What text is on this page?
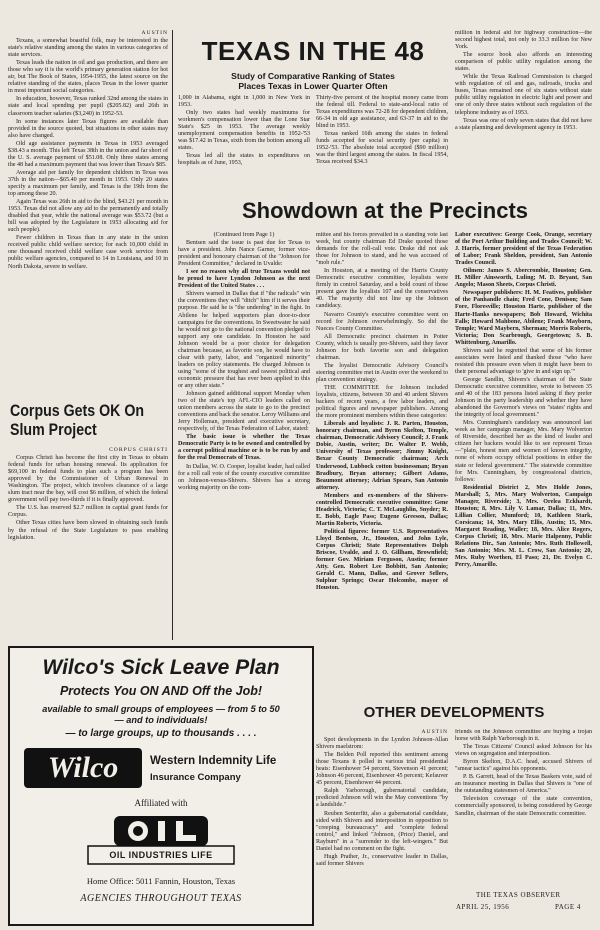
AUSTIN

Texans, a somewhat boastful folk, may be interested in the state's relative standing among the states in various categories of state services.

Texas leads the nation in oil and gas production, and there are those who say it is the world's primary generation station for hot air, but The Book of States, 1954-1955, the latest source on the relative standing of the states, places Texas in the lower quarter in most important social categories.

In education, however, Texas ranked 32nd among the states in state and local spending per pupil ($205.82) and 26th in classroom teacher salaries ($3,240) in 1952-53.

In some instances later Texas figures are available than provided in the source quoted, but situations in other states may also have changed.

Old age assistance payments in Texas in 1953 averaged $38.43 a month. This left Texas 38th in the union and far short of the U. S. average payment of $51.08. Only three states among the 48 had a maximum payment that was lower than Texas's $85.

Average aid per family for dependent children in Texas was 37th in the nation—$65.40 per month in 1953. Only 20 states specify a maximum per family, and Texas is the 19th from the top among these 20.

Again Texas was 26th in aid to the blind, $43.21 per month in 1953. Texas did not allow any aid to the permanently and totally disabled that year, while the national average was $53.72 (but a bill was adopted by the Legislature in 1953 allocating aid for such people).

Fewer children in Texas than in any state in the union received public child welfare service; for each 10,000 child in one thousand received child welfare case work service from public welfare agencies, compared to 14 in Louisiana, and 10 in North Dakota, severe in welfare.

Corpus Gets OK On Slum Project
CORPUS CHRISTI

Corpus Christi has become the first city in Texas to obtain federal funds for urban housing renewal. Its application for $69,100 in federal funds to plan such a program has been approved by the Commissioner of Urban Renewal in Washington. The project, which involves clearance of a large slum tract near the bay, will cost $6 million, of which the federal government will pay two-thirds if it is finally approved.

The U.S. has reserved $2.7 million in capital grant funds for Corpus.

Other Texas cities have been slowed in obtaining such funds by the refusal of the State Legislature to pass enabling legislation.

TEXAS IN THE 48
Study of Comparative Ranking of States
Places Texas in Lower Quarter Often

1,000 in Alabama, eight in 1,000 in New York in 1953.

Only two states had weekly maximums for workmen's compensation lower than the Lone Star State's $25 in 1953. The average weekly unemployment compensation benefits in 1952-'53 was $17.42 in Texas, sixth from the bottom among all states.

Texas led all the states in expenditures on hospitals as of June, 1953,

Thirty-five percent of the hospital money came from the federal till. Federal to state-and-local ratio of Texas expenditures was 72-28 for dependent children, 66-34 in old age assistance, and 63-37 in aid to the blind in 1953.

Texas ranked 16th among the states in federal funds accepted for social security (per capita) in 1952-'53. The absolute total accepted ($90 million) was the third largest among the states. In fiscal 1954, Texas received $34.3

million in federal aid for highway construction—the second highest total, not only to 33.3 million for New York.

The source book also affords an interesting comparison of public utility regulation among the states.

While the Texas Railroad Commission is charged with regulation of oil and gas, railroads, trucks and buses, Texas remained one of six states without state public utility regulation in electric light and power and one of only three states without such regulation of the telephone industry as of 1953.

Texas was one of only seven states that did not have a state planning and development agency in 1953.

Showdown at the Precincts

(Continued from Page 1)

Bentsen said the issue is past due for Texas to have a president. John Nance Garner, former vice-president and honorary chairman of the "Johnson for President Committee," declared in Uvalde:

I see no reason why all true Texans would not be proud to have Lyndon Johnson as the next President of the United States . . .

Shivers warned in Dallas that if "the radicals" win the conventions they will "ditch" him if it serves their purpose. He said he is "the underdog" in the fight. In Abilene he helped supporters plan door-to-door campaigns for the conventions. In Sweetwater he said he would not go to the national convention pledged to support any one candidate. In Houston he said Johnson would be a poor choice for delegation chairman because, as favorite son, he would have to clear with party, labor, and "organized minority" leaders on policy statements. He charged Johnson is using "some of the toughest and rawest political and economic pressure that has ever been applied in this or any other state."

Johnson gained additional support Monday when two of the state's top AFL-CIO leaders called on union members across the state to go to the precinct conventions and back the senator. Leroy Williams and Jerry Holleman, president and executive secretary, respectively, of the Texas Federation of Labor, stated:

The basic issue is whether the Texas Democratic Party is to be owned and controlled by a corrupt political machine or is to be run by and for the real Democrats of Texas.

In Dallas, W. O. Cooper, loyalist leader, had called for a roll call vote of the county executive committee on Johnson-versus-Shivers. Shivers has a strong working majority on the com-

mittee and his forces prevailed in a standing vote last week, but county chairman Ed Drake quoted those demands for the roll-call vote. Drake did not ask those for Johnson to stand, and he was accused of "mob rule."

In Houston, at a meeting of the Harris County Democratic executive committee, loyalists were firmly in control Saturday, and a bold count of those present gave the loyalists 107 and the conservatives 40. The majority did not line up the Johnson candidacy.

Navarro County's executive committee went on record for Johnson overwhelmingly. So did the Nueces County Committee.

All Democratic precinct chairmen in Potter County, which is usually pro-Shivers, said they favor Johnson for both favorite son and delegation chairman.

The loyalist Democratic Advisory Council's steering committee met in Austin over the weekend to plan convention strategy.

THE COMMITTEE for Johnson included loyalists, citizens, between 30 and 40 ardent Shivers backers of recent years, a few labor leaders, and political figures and newspaper publishers. Among the more prominent members within these categories:

Liberals and loyalists: J. R. Parten, Houston, honorary chairman, and Byron Skelton, Temple, chairman, Democratic Advisory Council; J. Frank Dobie, Austin, writer; Dr. Walter P. Webb, University of Texas professor; Jimmy Knight, Bexar County Democratic chairman; Arch Underwood, Lubbock cotton businessman; Bryan Bradbury, Bryan attorney; Gilbert Adams, Beaumont attorney; Adrian Spears, San Antonio attorney.

Members and ex-members of the Shivers-controlled Democratic executive committee: Gene Headrick, Victoria; C. T. McLaughlin, Snyder; R. E. Bobb, Eagle Pass; Eugene Greeson, Dallas; Martin Roberts, Victoria.

Political figures: former U.S. Representatives Lloyd Bentsen, Jr., Houston, and John Lyle, Corpus Christi; State Representatives Dolph Briscoe, Uvalde, and J. O. Gillham, Brownfield; former Gov. Miriam Ferguson, Austin; former Atty. Gen. Robert Lee Bobbitt, San Antonio; Gerald C. Mann, Dallas, and Grover Sellers, Sulphur Springs; Oscar Holcombe, mayor of Houston.

Labor executives: George Cook, Orange, secretary of the Port Arthur Building and Trades Council; W. J. Harris, former president of the Texas Federation of Labor; Frank Sheldon, president, San Antonio Trades Council.

Oilmen: James S. Abercrombie, Houston; Gen. H. Miller Ainsworth, Luling; M. D. Bryant, San Angelo; Mason Sheets, Corpus Christi.

Newspaper publishers: H. M. Featives, publisher of the Panhandle chain; Fred Cone, Denison; Sam Fore, Floresville; Houston Harte, publisher of the Harte-Hanks newspapers; Bob Howard, Wichita Falls; Howard Mahbone, Abilene; Frank Mayborn, Temple; Ward Maybern, Sherman; Morris Roberts, Victoria; Don Scarbrough, Georgetown; S. B. Whittenburg, Amarillo.

Shivers said he regretted that some of his former associates were listed and thanked those "who have resisted this pressure even when it might have been to their personal advantage to 'give in and sign up.'"

George Sandlin, Shivers's chairman of the State Democratic executive committee, wrote to between 35 and 40 of the 183 persons listed asking if they prefer Johnson in the party leadership and whether they have abandoned the Governor's views on "states' rights and the integrity of local government."

Mrs. Cunningham's candidacy was announced last week as her campaign manager, Mrs. Mary Wolverton of Riverside, described her as the kind of leader and citizen her backers would like to see represent Texas—"plain, honest men and women of known integrity, none of whom occupy official positions in either the state or federal government." The statewide committee for Mrs. Cunningham, by congressional districts, follows:

Residential District 2, Mrs Holde Jones, Marshall; 5, Mrs. Mary Wolverton, Campaign Manager, Riverside; 3, Mrs. Orelea Eckhardt, Houston; 8, Mrs. Lily V. Lamar, Dallas; 11, Mrs. Lillian Collier, Mumford; 10, Kathleen Stark, Corsicana; 14, Mrs. Mary Ellis, Austin; 15, Mrs. Margaret Reading, Waller; 18, Mrs. Alice Rogers, Corpus Christi; 18, Mrs. Marie Halpenny, Public Relations Dir., San Antonio; Mrs. Ruth Hollowell, San Antonio; Mrs. M. L. Crow, San Antonio; 20, Mrs. Ruby Worthen, El Paso; 21, Dr. Evelyn C. Perry, Amarillo.

Wilco's Sick Leave Plan
Protects You ON AND Off the Job!
available to small groups of employees — from 5 to 50
— and to individuals!
— to large groups, up to thousands . . . .
Wilco	Western Indemnity Life
Insurance Company
Affiliated with
OIL INDUSTRIES LIFE
Home Office: 5011 Fannin, Houston, Texas
AGENCIES THROUGHOUT TEXAS
OTHER DEVELOPMENTS
AUSTIN

Spot developments in the Lyndon Johnson-Allan Shivers maelstrom:

The Belden Poll reported this sentiment among those Texans it polled in various trial presidential heats: Eisenhower 54 percent, Stevenson 41 percent; Johnson 46 percent, Eisenhower 45 percent; Kefauver 45 percent, Eisenhower 44 percent.

Ralph Yarborough, gubernatorial candidate, predicted Johnson will win the May conventions "by a landslide."

Reuben Senterfitt, also a gubernatorial candidate, sided with Shivers and interposition in opposition to "creeping bureaucracy" and "complete federal control," and linked "Johnson, (Price) Daniel, and Rayburn" in a "surrender to the left-wingers." But Daniel had no comment on the fight.

Hugh Prather, Jr., conservative leader in Dallas, said former Shivers

friends on the Johnson committee are buying a trojan horse with Ralph Yarborough in it.

The Texas Citizens' Council asked Johnson for his views on segregation and interposition.

Byron Skelton, D.A.C. head, accused Shivers of "smear tactics" against his opponents.

P. B. Garrett, head of the Texas Baskers vote, said of an insurance meeting in Dallas that Shivers is "one of the outstanding statesmen of America."

Television coverage of the state convention, commercially sponsored, is being considered by George Sandlin, chairman of the state Democratic committee.

THE TEXAS OBSERVER
APRIL 25, 1956	PAGE 4
